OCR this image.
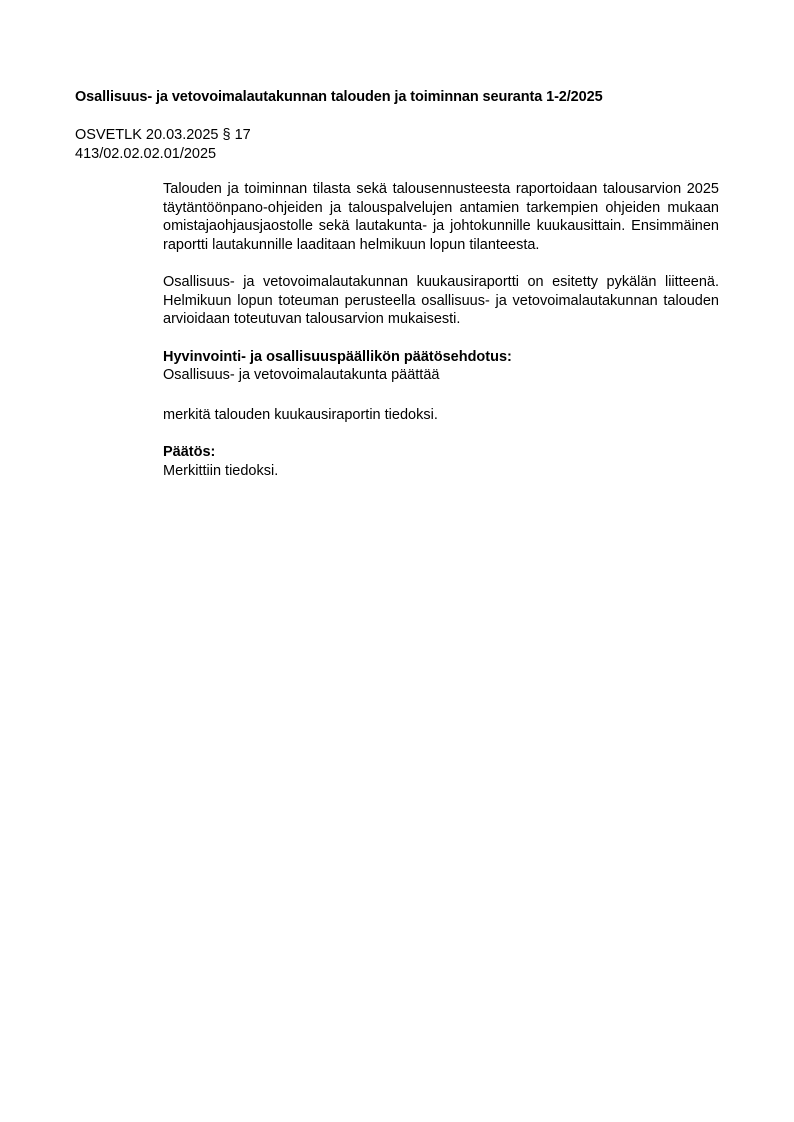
Osallisuus- ja vetovoimalautakunnan talouden ja toiminnan seuranta 1-2/2025
OSVETLK 20.03.2025 § 17
413/02.02.02.01/2025

Talouden ja toiminnan tilasta sekä talousennusteesta raportoidaan talousarvion 2025 täytäntöönpano-ohjeiden ja talouspalvelujen antamien tarkempien ohjeiden mukaan omistajaohjausjaostolle sekä lautakunta- ja johtokunnille kuukausittain. Ensimmäinen raportti lautakunnille laaditaan helmikuun lopun tilanteesta.

Osallisuus- ja vetovoimalautakunnan kuukausiraportti on esitetty pykälän liitteenä. Helmikuun lopun toteuman perusteella osallisuus- ja vetovoimalautakunnan talouden arvioidaan toteutuvan talousarvion mukaisesti.

Hyvinvointi- ja osallisuuspäällikön päätösehdotus:
Osallisuus- ja vetovoimalautakunta päättää
merkitä talouden kuukausiraportin tiedoksi.
Päätös:
Merkittiin tiedoksi.
